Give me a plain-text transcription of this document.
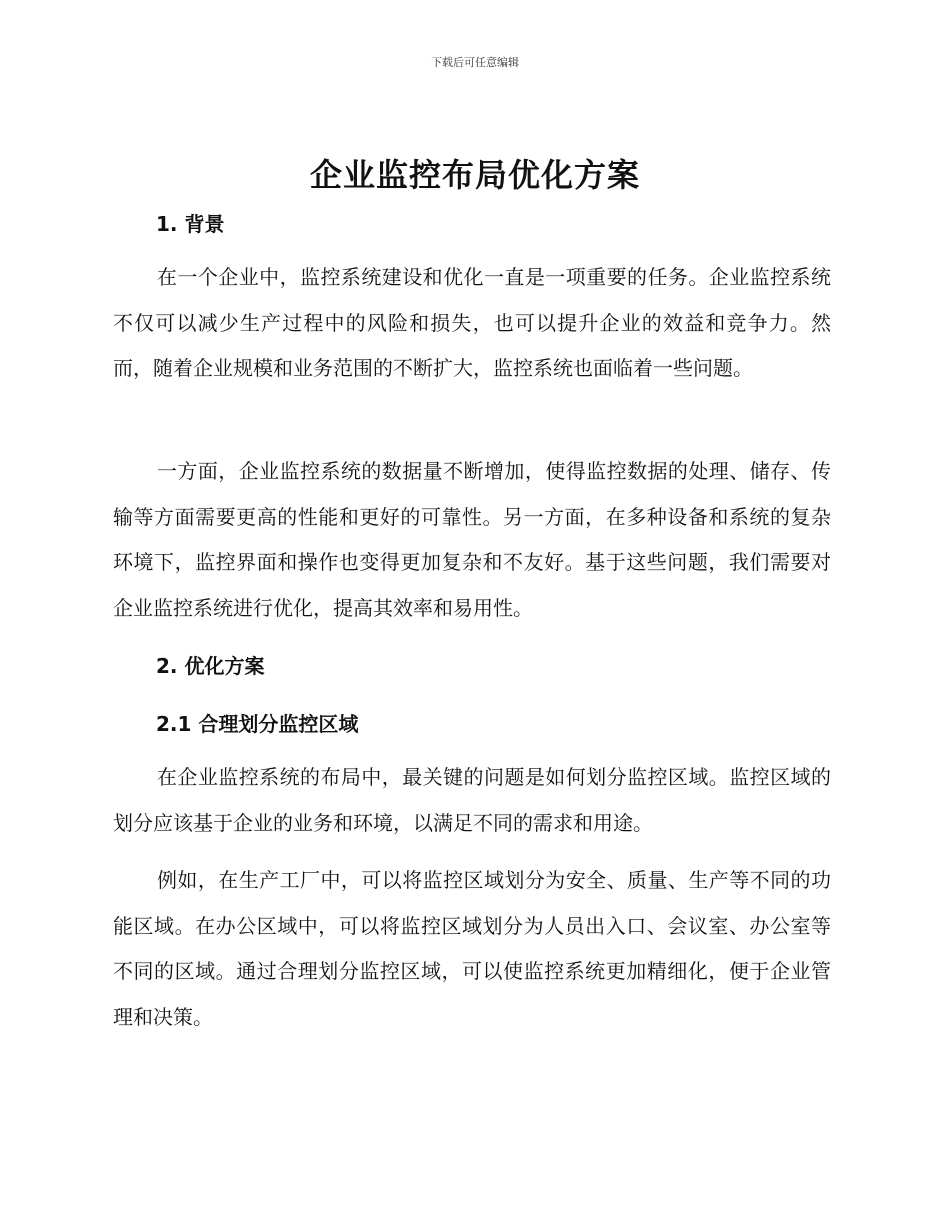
下载后可任意编辑
企业监控布局优化方案
1. 背景

在一个企业中，监控系统建设和优化一直是一项重要的任务。企业监控系统不仅可以减少生产过程中的风险和损失，也可以提升企业的效益和竞争力。然而，随着企业规模和业务范围的不断扩大，监控系统也面临着一些问题。

一方面，企业监控系统的数据量不断增加，使得监控数据的处理、储存、传输等方面需要更高的性能和更好的可靠性。另一方面，在多种设备和系统的复杂环境下，监控界面和操作也变得更加复杂和不友好。基于这些问题，我们需要对企业监控系统进行优化，提高其效率和易用性。

2. 优化方案
2.1 合理划分监控区域

在企业监控系统的布局中，最关键的问题是如何划分监控区域。监控区域的划分应该基于企业的业务和环境，以满足不同的需求和用途。

例如，在生产工厂中，可以将监控区域划分为安全、质量、生产等不同的功能区域。在办公区域中，可以将监控区域划分为人员出入口、会议室、办公室等不同的区域。通过合理划分监控区域，可以使监控系统更加精细化，便于企业管理和决策。
